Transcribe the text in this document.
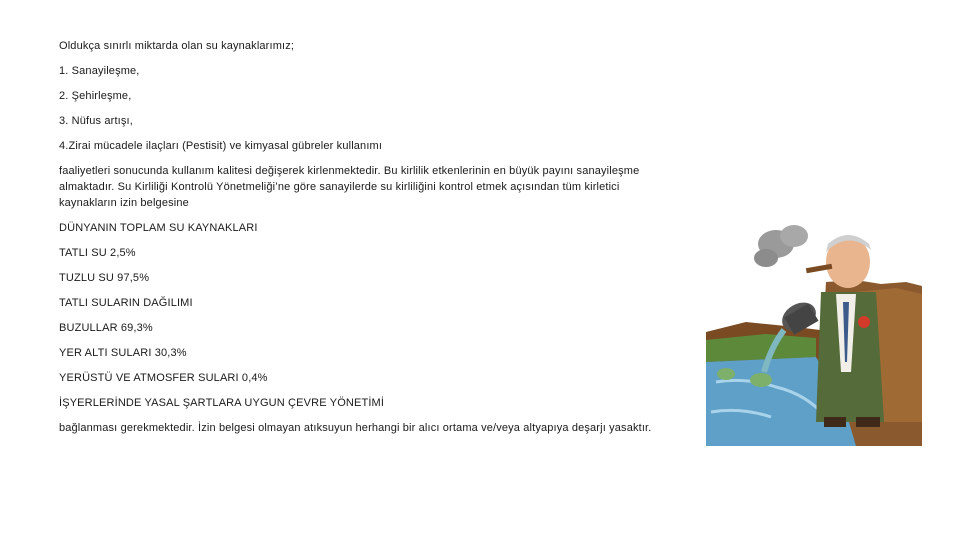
Oldukça sınırlı miktarda olan su kaynaklarımız;

1. Sanayileşme,

2. Şehirleşme,

3. Nüfus artışı,

4.Zirai mücadele ilaçları (Pestisit) ve kimyasal gübreler kullanımı

faaliyetleri sonucunda kullanım kalitesi değişerek kirlenmektedir. Bu kirlilik etkenlerinin en büyük payını sanayileşme almaktadır. Su Kirliliği Kontrolü Yönetmeliği’ne göre sanayilerde su kirliliğini kontrol etmek açısından tüm kirletici kaynakların izin belgesine

DÜNYANIN TOPLAM SU KAYNAKLARI

TATLI SU 2,5%

TUZLU SU 97,5%

TATLI SULARIN DAĞILIMI

BUZULLAR 69,3%

YER ALTI SULARI 30,3%

YERÜSTÜ VE ATMOSFER SULARI 0,4%

İŞYERLERİNDE YASAL ŞARTLARA UYGUN ÇEVRE YÖNETİMİ

bağlanması gerekmektedir. İzin belgesi olmayan atıksuyun herhangi bir alıcı ortama ve/veya altyapıya deşarjı yasaktır.
